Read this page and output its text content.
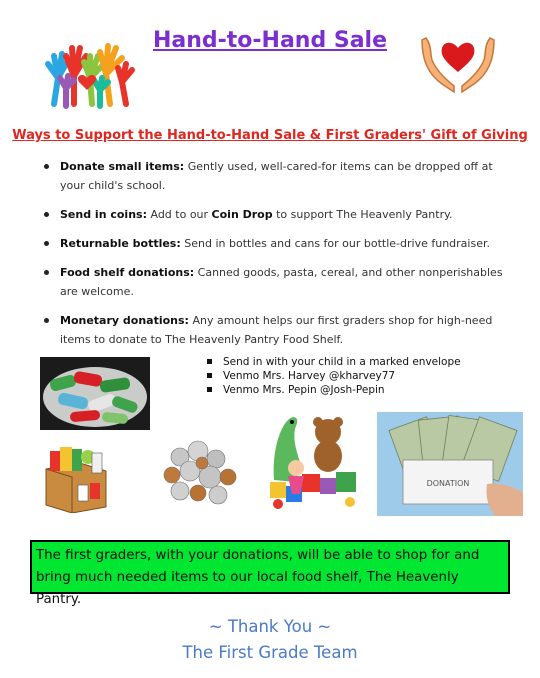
Hand-to-Hand Sale
Ways to Support the Hand-to-Hand Sale & First Graders' Gift of Giving
Donate small items: Gently used, well-cared-for items can be dropped off at your child's school.
Send in coins: Add to our Coin Drop to support The Heavenly Pantry.
Returnable bottles: Send in bottles and cans for our bottle-drive fundraiser.
Food shelf donations: Canned goods, pasta, cereal, and other nonperishables are welcome.
Monetary donations: Any amount helps our first graders shop for high-need items to donate to The Heavenly Pantry Food Shelf.
Send in with your child in a marked envelope
Venmo Mrs. Harvey @kharvey77
Venmo Mrs. Pepin @Josh-Pepin
DONATION
The first graders, with your donations, will be able to shop for and bring much needed items to our local food shelf, The Heavenly Pantry.
~ Thank You ~
The First Grade Team
